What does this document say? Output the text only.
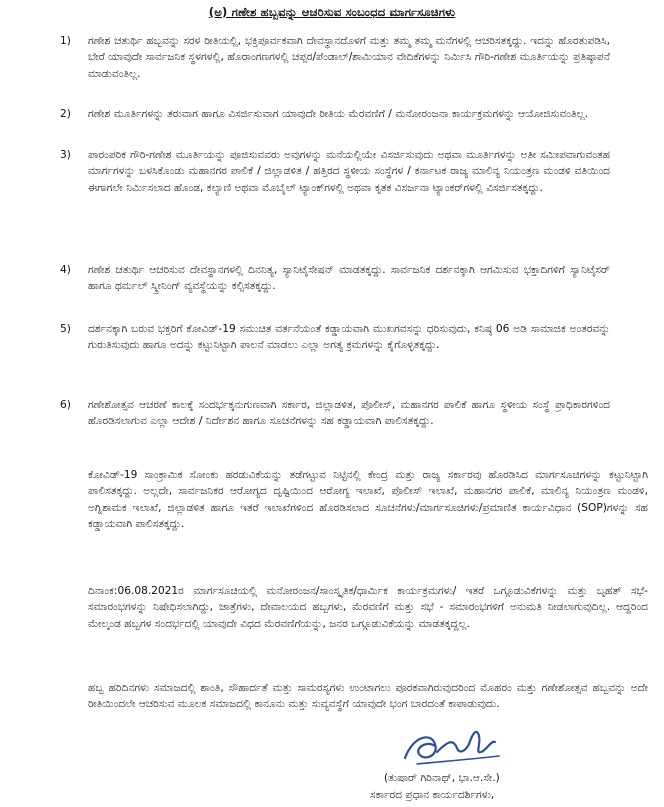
(ಅ) ಗಣೇಶ ಹಬ್ಬವನ್ನು ಆಚರಿಸುವ ಸಂಬಂಧದ ಮಾರ್ಗಸೂಚಿಗಳು
1)	ಗಣೇಶ ಚತುರ್ಥಿ ಹಬ್ಬವನ್ನು ಸರಳ ರೀತಿಯಲ್ಲಿ, ಭಕ್ತಿಪೂರ್ವಕವಾಗಿ ದೇವಸ್ಥಾನದೊಳಗೆ ಮತ್ತು ತಮ್ಮ ತಮ್ಮ ಮನೆಗಳಲ್ಲಿ ಆಚರಿಸತಕ್ಕದ್ದು. ಇದನ್ನು ಹೊರತುಪಡಿಸಿ, ಬೇರೆ ಯಾವುದೇ ಸಾರ್ವಜನಿಕ ಸ್ಥಳಗಳಲ್ಲಿ, ಹೊರಾಂಗಣಗಳಲ್ಲಿ ಚಪ್ಪರ/ಪೆಂಡಾಲ್/ಶಾಮಿಯಾನ ವೇದಿಕೆಗಳನ್ನು ನಿರ್ಮಿಸಿ ಗೌರಿ-ಗಣೇಶ ಮೂರ್ತಿಯನ್ನು ಪ್ರತಿಷ್ಠಾಪನೆ ಮಾಡುವಂತಿಲ್ಲ.
2)	ಗಣೇಶ ಮೂರ್ತಿಗಳನ್ನು ತರುವಾಗ ಹಾಗೂ ವಿಸರ್ಜಿಸುವಾಗ ಯಾವುದೇ ರೀತಿಯ ಮೆರವಣಿಗೆ / ಮನೋರಂಜನಾ ಕಾರ್ಯಕ್ರಮಗಳನ್ನು ಆಯೋಜಿಸುವಂತಿಲ್ಲ.
3)	ಪಾರಂಪರಿಕ ಗೌರಿ-ಗಣೇಶ ಮೂರ್ತಿಯನ್ನು ಪೂಜಿಸುವವರು ಅವುಗಳನ್ನು ಮನೆಯಲ್ಲಿಯೇ ವಿಸರ್ಜಿಸುವುದು ಅಥವಾ ಮೂರ್ತಿಗಳನ್ನು ಅತೀ ಸಮೀಪವಾಗುವಂತಹ ಮಾರ್ಗಗಳನ್ನು ಬಳಸಿಕೊಂಡು ಮಹಾನಗರ ಪಾಲಿಕೆ / ಜಿಲ್ಲಾಡಳಿತ / ಹತ್ತಿರದ ಸ್ಥಳೀಯ ಸಂಸ್ಥೆಗಳ / ಕರ್ನಾಟಕ ರಾಜ್ಯ ಮಾಲಿನ್ಯ ನಿಯಂತ್ರಣ ಮಂಡಳಿ ವತಿಯಿಂದ ಈಗಾಗಲೇ ನಿರ್ಮಿಸಲಾದ ಹೊಂಡ, ಕಲ್ಯಾಣಿ ಅಥವಾ ಮೊಬೈಲ್ ಟ್ಯಾಂಕ್‌ಗಳಲ್ಲಿ ಅಥವಾ ಕೃತಕ ವಿಸರ್ಜನಾ ಟ್ಯಾಂಕರ್‌ಗಳಲ್ಲಿ ವಿಸರ್ಜಿಸತಕ್ಕದ್ದು.
4)	ಗಣೇಶ ಚತುರ್ಥಿ ಆಚರಿಸುವ ದೇವಸ್ಥಾನಗಳಲ್ಲಿ ದಿನನಿತ್ಯ, ಸ್ಯಾನಿಟೈಸೇಷನ್ ಮಾಡತಕ್ಕದ್ದು. ಸಾರ್ವಜನಿಕ ದರ್ಶನಕ್ಕಾಗಿ ಆಗಮಿಸುವ ಭಕ್ತಾದಿಗಳಿಗೆ ಸ್ಯಾನಿಟೈಸರ್ ಹಾಗೂ ಥರ್ಮಲ್ ಸ್ಕ್ರೀನಿಂಗ್ ವ್ಯವಸ್ಥೆಯನ್ನು ಕಲ್ಪಿಸತಕ್ಕದ್ದು.
5)	ದರ್ಶನಕ್ಕಾಗಿ ಬರುವ ಭಕ್ತರಿಗೆ ಕೋವಿಡ್-19 ಸಮುಚಿತ ವರ್ತನೆಯಂತೆ ಕಡ್ಡಾಯವಾಗಿ ಮುಖಗವಸನ್ನು ಧರಿಸುವುದು, ಕನಿಷ್ಠ 06 ಅಡಿ ಸಾಮಾಜಿಕ ಅಂತರವನ್ನು ಗುರುತಿಸುವುದು ಹಾಗೂ ಅದನ್ನು ಕಟ್ಟುನಿಟ್ಟಾಗಿ ಪಾಲನೆ ಮಾಡಲು ಎಲ್ಲಾ ಅಗತ್ಯ ಕ್ರಮಗಳನ್ನು ಕೈಗೊಳ್ಳತಕ್ಕದ್ದು.
6)	ಗಣೇಶೋತ್ಸವ ಆಚರಣೆ ಕಾಲಕ್ಕೆ ಸಂದರ್ಭಕ್ಕನುಗುಣವಾಗಿ ಸರ್ಕಾರ, ಜಿಲ್ಲಾಡಳಿತ, ಪೊಲೀಸ್, ಮಹಾನಗರ ಪಾಲಿಕೆ ಹಾಗೂ ಸ್ಥಳೀಯ ಸಂಸ್ಥೆ ಪ್ರಾಧಿಕಾರಗಳಿಂದ ಹೊರಡಿಸಲಾಗುವ ಎಲ್ಲಾ ಆದೇಶ / ನಿರ್ದೇಶನ ಹಾಗೂ ಸೂಚನೆಗಳನ್ನು ಸಹ ಕಡ್ಡಾಯವಾಗಿ ಪಾಲಿಸತಕ್ಕದ್ದು.
ಕೋವಿಡ್-19 ಸಾಂಕ್ರಾಮಿಕ ಸೋಂಕು ಹರಡುವಿಕೆಯನ್ನು ತಡೆಗಟ್ಟುವ ನಿಟ್ಟಿನಲ್ಲಿ ಕೇಂದ್ರ ಮತ್ತು ರಾಜ್ಯ ಸರ್ಕಾರವು ಹೊರಡಿಸಿದ ಮಾರ್ಗಸೂಚಿಗಳನ್ನು ಕಟ್ಟುನಿಟ್ಟಾಗಿ ಪಾಲಿಸತಕ್ಕದ್ದು. ಅಲ್ಲದೇ, ಸಾರ್ವಜನಿಕರ ಆರೋಗ್ಯದ ದೃಷ್ಟಿಯಿಂದ ಆರೋಗ್ಯ ಇಲಾಖೆ, ಪೊಲೀಸ್ ಇಲಾಖೆ, ಮಹಾನಗರ ಪಾಲಿಕೆ, ಮಾಲಿನ್ಯ ನಿಯಂತ್ರಣ ಮಂಡಳಿ, ಅಗ್ನಿಶಾಮಕ ಇಲಾಖೆ, ಜಿಲ್ಲಾಡಳಿತ ಹಾಗೂ ಇತರೆ ಇಲಾಖೆಗಳಿಂದ ಹೊರಡಿಸಲಾದ ಸೂಚನೆಗಳು/ಮಾರ್ಗಸೂಚಿಗಳು/ಪ್ರಮಾಣಿತ ಕಾರ್ಯವಿಧಾನ (SOP)ಗಳನ್ನು ಸಹ ಕಡ್ಡಾಯವಾಗಿ ಪಾಲಿಸತಕ್ಕದ್ದು.
ದಿನಾಂಕ:06.08.2021ರ ಮಾರ್ಗಸೂಚಿಯಲ್ಲಿ ಮನೋರಂಜನ/ಸಾಂಸ್ಕೃತಿಕ/ಧಾರ್ಮಿಕ ಕಾರ್ಯಕ್ರಮಗಳು/ ಇತರೆ ಒಗ್ಗೂಡುವಿಕೆಗಳನ್ನು ಮತ್ತು ಬೃಹತ್ ಸಭೆ-ಸಮಾರಂಭಗಳನ್ನು ನಿಷೇಧಿಸಲಾಗಿದ್ದು, ಜಾತ್ರೆಗಳು, ದೇವಾಲಯದ ಹಬ್ಬಗಳು, ಮೆರವಣಿಗೆ ಮತ್ತು ಸಭೆ - ಸಮಾರಂಭಗಳಿಗೆ ಅನುಮತಿ ನೀಡಲಾಗುವುದಿಲ್ಲ. ಆದ್ದರಿಂದ ಮೇಲ್ಕಂಡ ಹಬ್ಬಗಳ ಸಂದರ್ಭದಲ್ಲಿ ಯಾವುದೇ ವಿಧದ ಮೆರವಣಿಗೆಯನ್ನು, ಜನರ ಒಗ್ಗೂಡುವಿಕೆಯನ್ನು ಮಾಡತಕ್ಕದ್ದಲ್ಲ.
ಹಬ್ಬ ಹರಿದಿನಗಳು ಸಮಾಜದಲ್ಲಿ ಶಾಂತಿ, ಸೌಹಾರ್ದತೆ ಮತ್ತು ಸಾಮರಸ್ಯಗಳು ಉಂಟಾಗಲು ಪೂರಕವಾಗಿರುವುದರಿಂದ ಮೊಹರಂ ಮತ್ತು ಗಣೇಶೋತ್ಸವ ಹಬ್ಬವನ್ನು ಅದೇ ರೀತಿಯಿಂದಲೇ ಆಚರಿಸುವ ಮೂಲಕ ಸಮಾಜದಲ್ಲಿ ಕಾನೂನು ಮತ್ತು ಸುವ್ಯವಸ್ಥೆಗೆ ಯಾವುದೇ ಭಂಗ ಬಾರದಂತೆ ಕಾಪಾಡುವುದು.
(ತುಷಾರ್ ಗಿರಿನಾಥ್, ಭಾ.ಆ.ಸೇ.)
ಸರ್ಕಾರದ ಪ್ರಧಾನ ಕಾರ್ಯದರ್ಶಿಗಳು,
